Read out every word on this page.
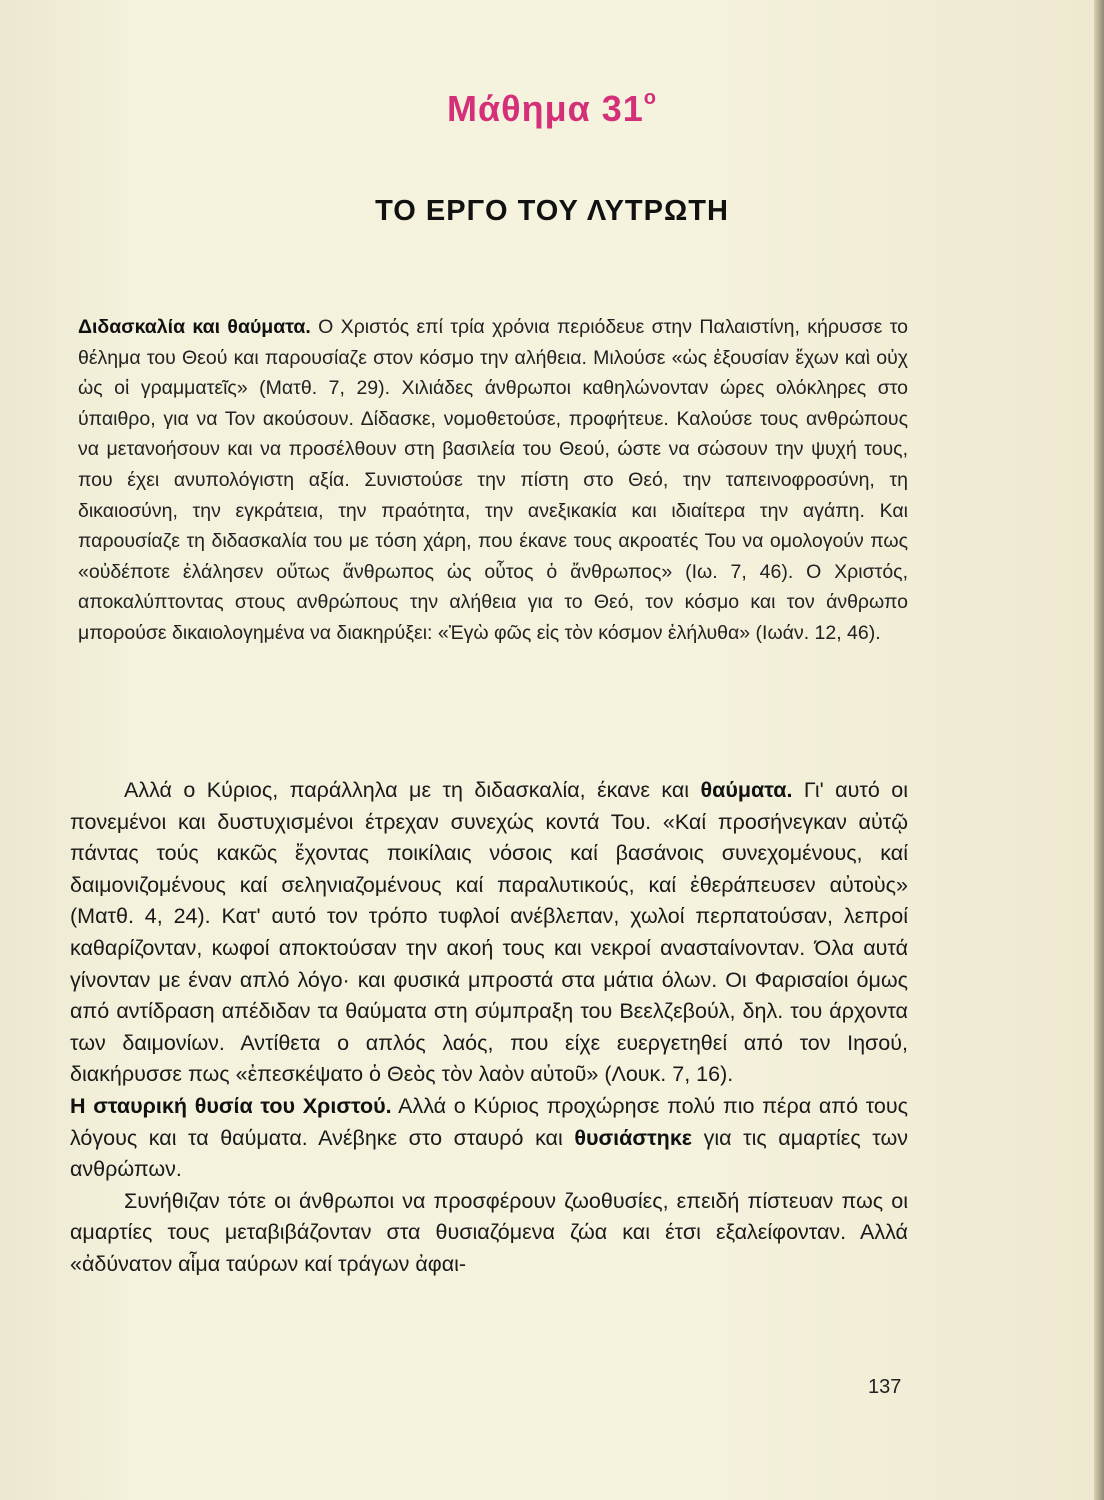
Μάθημα $31^o$
ΤΟ ΕΡΓΟ ΤΟΥ ΛΥΤΡΩΤΗ
Διδασκαλία και θαύματα. Ο Χριστός επί τρία χρόνια περιόδευε στην Παλαιστίνη, κήρυσσε το θέλημα του Θεού και παρουσίαζε στον κόσμο την αλήθεια. Μιλούσε «ὡς ἐξουσίαν ἔχων καὶ οὐχ ὡς οἱ γραμματεῖς» (Ματθ. 7, 29). Χιλιάδες άνθρωποι καθηλώνονταν ώρες ολόκληρες στο ύπαιθρο, για να Τον ακούσουν. Δίδασκε, νομοθετούσε, προφήτευε. Καλούσε τους ανθρώπους να μετανοήσουν και να προσέλθουν στη βασιλεία του Θεού, ώστε να σώσουν την ψυχή τους, που έχει ανυπολόγιστη αξία. Συνιστούσε την πίστη στο Θεό, την ταπεινοφροσύνη, τη δικαιοσύνη, την εγκράτεια, την πραότητα, την ανεξικακία και ιδιαίτερα την αγάπη. Και παρουσίαζε τη διδασκαλία του με τόση χάρη, που έκανε τους ακροατές Του να ομολογούν πως «οὐδέποτε ἐλάλησεν οὕτως ἄνθρωπος ὡς οὗτος ὁ ἄνθρωπος» (Ιω. 7, 46). Ο Χριστός, αποκαλύπτοντας στους ανθρώπους την αλήθεια για το Θεό, τον κόσμο και τον άνθρωπο μπορούσε δικαιολογημένα να διακηρύξει: «Ἐγὼ φῶς εἰς τὸν κόσμον ἐλήλυθα» (Ιωάν. 12, 46).

Αλλά ο Κύριος, παράλληλα με τη διδασκαλία, έκανε και θαύματα. Γι' αυτό οι πονεμένοι και δυστυχισμένοι έτρεχαν συνεχώς κοντά Του. «Καί προσήνεγκαν αὐτῷ πάντας τούς κακῶς ἔχοντας ποικίλαις νόσοις καί βασάνοις συνεχομένους, καί δαιμονιζομένους καί σεληνιαζομένους καί παραλυτικούς, καί ἐθεράπευσεν αὐτοὺς» (Ματθ. 4, 24). Κατ' αυτό τον τρόπο τυφλοί ανέβλεπαν, χωλοί περπατούσαν, λεπροί καθαρίζονταν, κωφοί αποκτούσαν την ακοή τους και νεκροί ανασταίνονταν. Όλα αυτά γίνονταν με έναν απλό λόγο· και φυσικά μπροστά στα μάτια όλων. Οι Φαρισαίοι όμως από αντίδραση απέδιδαν τα θαύματα στη σύμπραξη του Βεελζεβούλ, δηλ. του άρχοντα των δαιμονίων. Αντίθετα ο απλός λαός, που είχε ευεργετηθεί από τον Ιησού, διακήρυσσε πως «ἐπεσκέψατο ὁ Θεὸς τὸν λαὸν αὐτοῦ» (Λουκ. 7, 16).

Η σταυρική θυσία του Χριστού. Αλλά ο Κύριος προχώρησε πολύ πιο πέρα από τους λόγους και τα θαύματα. Ανέβηκε στο σταυρό και θυσιάστηκε για τις αμαρτίες των ανθρώπων.

Συνήθιζαν τότε οι άνθρωποι να προσφέρουν ζωοθυσίες, επειδή πίστευαν πως οι αμαρτίες τους μεταβιβάζονταν στα θυσιαζόμενα ζώα και έτσι εξαλείφονταν. Αλλά «ἀδύνατον αἷμα ταύρων καί τράγων ἀφαι-

137
